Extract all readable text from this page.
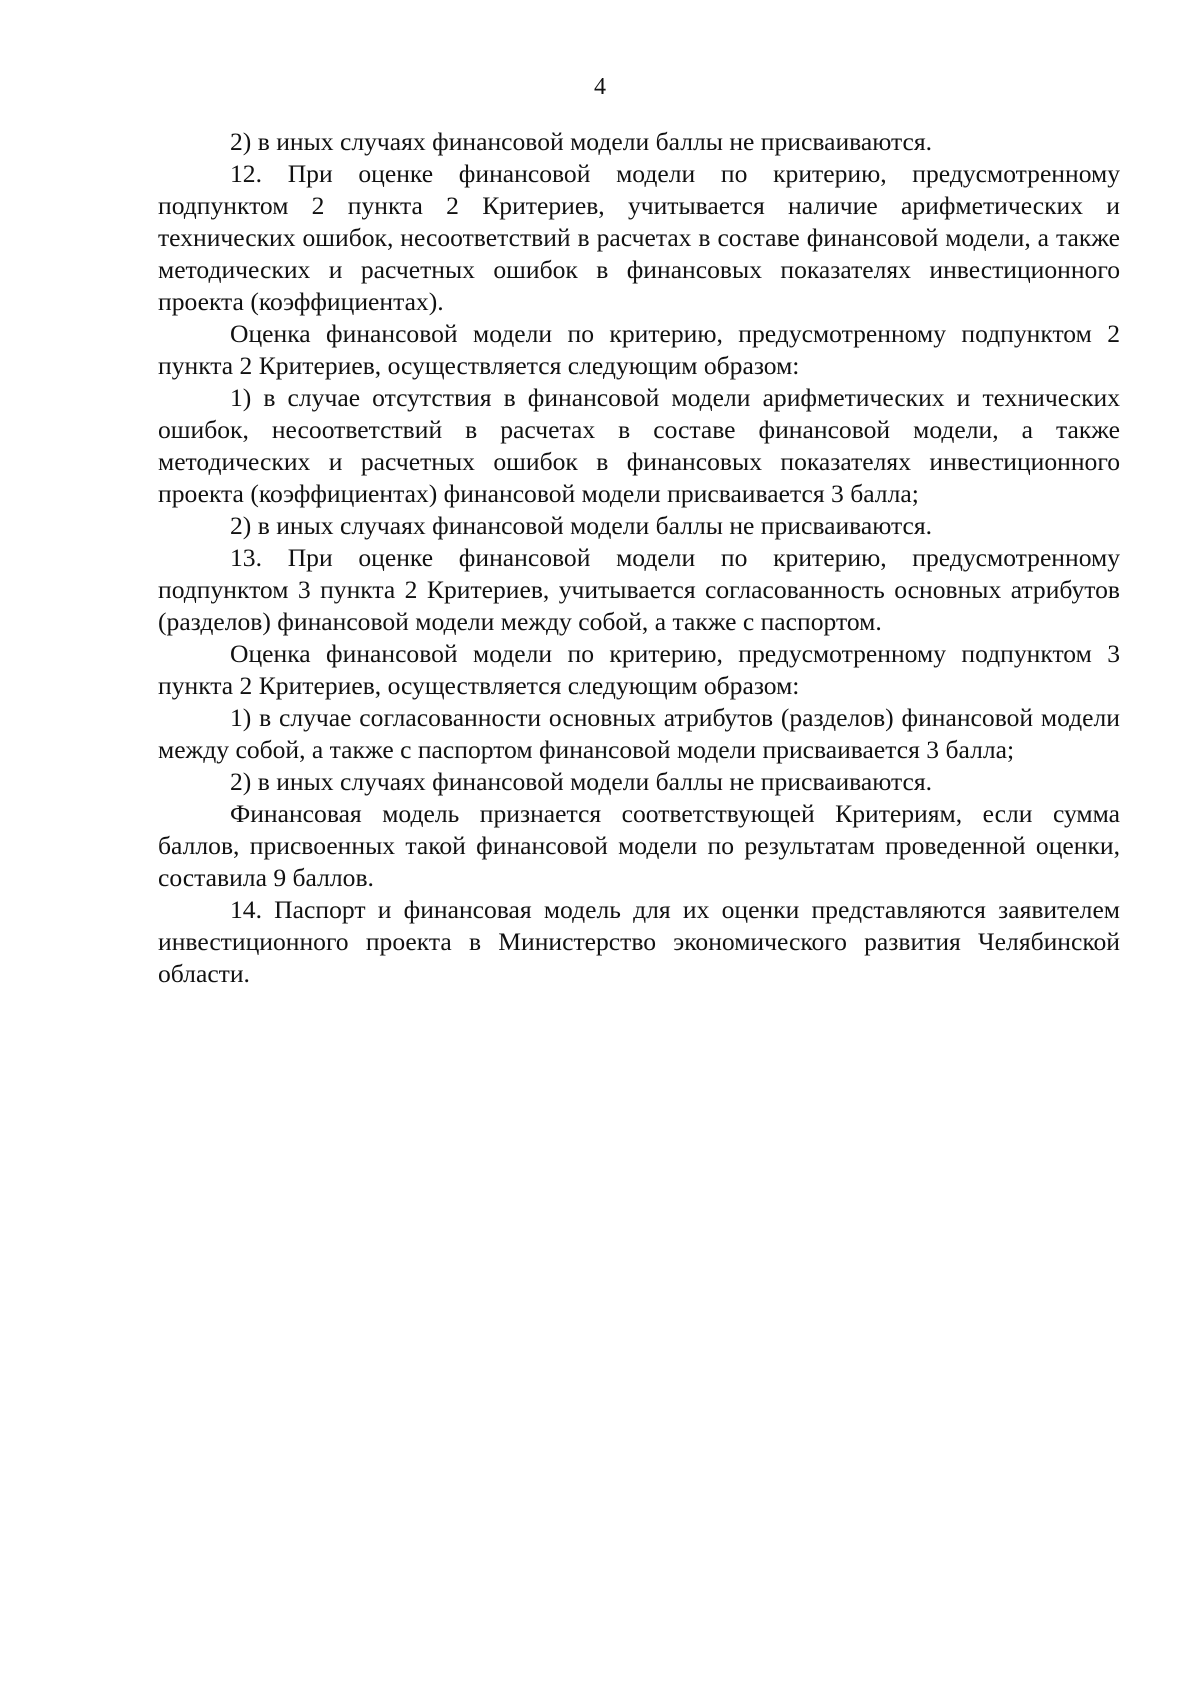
4

2) в иных случаях финансовой модели баллы не присваиваются.

12. При оценке финансовой модели по критерию, предусмотренному подпунктом 2 пункта 2 Критериев, учитывается наличие арифметических и технических ошибок, несоответствий в расчетах в составе финансовой модели, а также методических и расчетных ошибок в финансовых показателях инвестиционного проекта (коэффициентах).

Оценка финансовой модели по критерию, предусмотренному подпунктом 2 пункта 2 Критериев, осуществляется следующим образом:

1) в случае отсутствия в финансовой модели арифметических и технических ошибок, несоответствий в расчетах в составе финансовой модели, а также методических и расчетных ошибок в финансовых показателях инвестиционного проекта (коэффициентах) финансовой модели присваивается 3 балла;

2) в иных случаях финансовой модели баллы не присваиваются.

13. При оценке финансовой модели по критерию, предусмотренному подпунктом 3 пункта 2 Критериев, учитывается согласованность основных атрибутов (разделов) финансовой модели между собой, а также с паспортом.

Оценка финансовой модели по критерию, предусмотренному подпунктом 3 пункта 2 Критериев, осуществляется следующим образом:

1) в случае согласованности основных атрибутов (разделов) финансовой модели между собой, а также с паспортом финансовой модели присваивается 3 балла;

2) в иных случаях финансовой модели баллы не присваиваются.

Финансовая модель признается соответствующей Критериям, если сумма баллов, присвоенных такой финансовой модели по результатам проведенной оценки, составила 9 баллов.

14. Паспорт и финансовая модель для их оценки представляются заявителем инвестиционного проекта в Министерство экономического развития Челябинской области.
